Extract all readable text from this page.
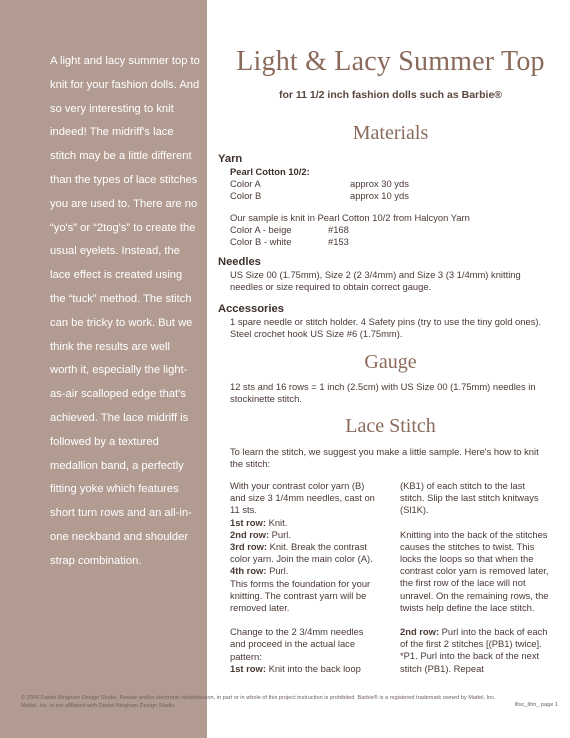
A light and lacy summer top to knit for your fashion dolls. And so very interesting to knit indeed! The midriff's lace stitch may be a little different than the types of lace stitches you are used to. There are no “yo's” or “2tog's” to create the usual eyelets. Instead, the lace effect is created using the “tuck” method. The stitch can be tricky to work. But we think the results are well worth it, especially the light-as-air scalloped edge that's achieved. The lace midriff is followed by a textured medallion band, a perfectly fitting yoke which features short turn rows and an all-in-one neckband and shoulder strap combination.

Light & Lacy Summer Top

for 11 1/2 inch fashion dolls such as Barbie®

Materials
Yarn

Pearl Cotton 10/2:

Color A	approx 30 yds
Color B	approx 10 yds

Our sample is knit in Pearl Cotton 10/2 from Halcyon Yarn

Color A - beige	#168
Color B - white	#153
Needles

US Size 00 (1.75mm), Size 2 (2 3/4mm) and Size 3 (3 1/4mm) knitting needles or size required to obtain correct gauge.

Accessories

1 spare needle or stitch holder. 4 Safety pins (try to use the tiny gold ones). Steel crochet hook US Size #6 (1.75mm).

Gauge

12 sts and 16 rows = 1 inch (2.5cm) with US Size 00 (1.75mm) needles in stockinette stitch.

Lace Stitch

To learn the stitch, we suggest you make a little sample. Here's how to knit the stitch:

With your contrast color yarn (B) and size 3 1/4mm needles, cast on 11 sts.

1st row: Knit.

2nd row: Purl.

3rd row: Knit. Break the contrast color yarn. Join the main color (A).

4th row: Purl.

This forms the foundation for your knitting. The contrast yarn will be removed later.

Change to the 2 3/4mm needles and proceed in the actual lace pattern:

1st row: Knit into the back loop

(KB1) of each stitch to the last stitch. Slip the last stitch knitways (Sl1K).

Knitting into the back of the stitches causes the stitches to twist. This locks the loops so that when the contrast color yarn is removed later, the first row of the lace will not unravel. On the remaining rows, the twists help define the lace stitch.

2nd row: Purl into the back of each of the first 2 stitches [(PB1) twice]. *P1. Purl into the back of the next stitch (PB1). Repeat

© 2006 Daniel Bingham Design Studio. Resale and/or electronic redistribution, in part or in whole of this project instruction is prohibited. Barbie® is a registered trademark owned by Mattel, Inc.
Mattel, Inc. is not affiliated with Daniel Bingham Design Studio.	lltsc_ltlm_ page 1
